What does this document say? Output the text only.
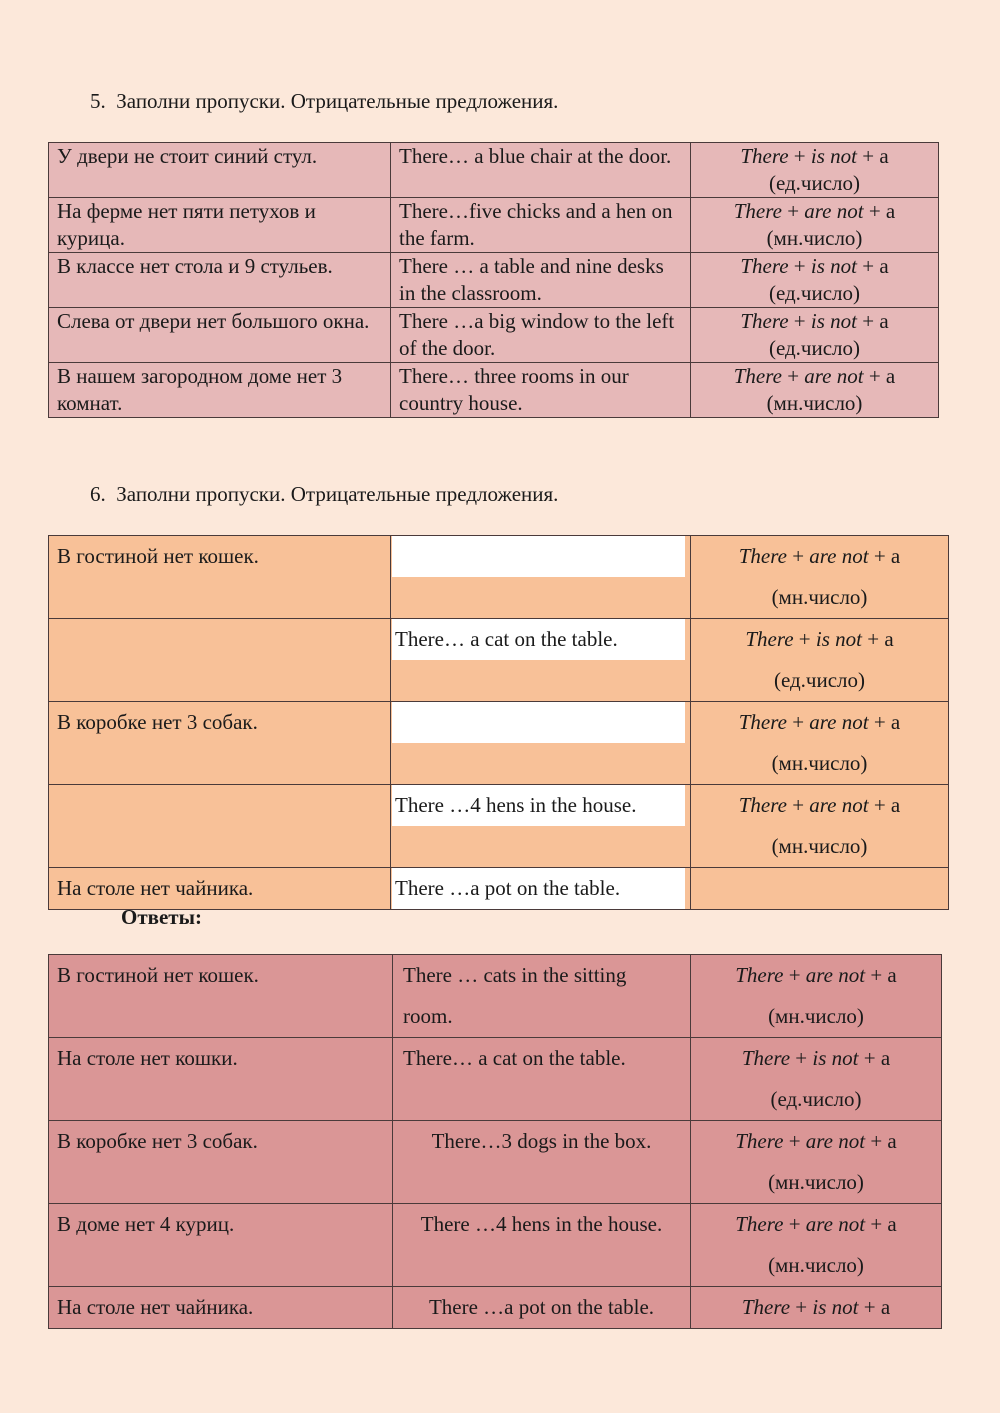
5. Заполни пропуски. Отрицательные предложения.
У двери не стоит синий стул.	There… a blue chair at the door.	There + is not + a
(ед.число)

На ферме нет пяти петухов и курица.	There…five chicks and a hen on the farm.	There + are not + a
(мн.число)

В классе нет стола и 9 стульев.	There … a table and nine desks in the classroom.	There + is not + a
(ед.число)

Слева от двери нет большого окна.	There …a big window to the left of the door.	There + is not + a
(ед.число)

В нашем загородном доме нет 3 комнат.	There… three rooms in our country house.	There + are not + a
(мн.число)
6. Заполни пропуски. Отрицательные предложения.
В гостиной нет кошек.		There + are not + a
(мн.число)

	There… a cat on the table.	There + is not + a
(ед.число)

В коробке нет 3 собак.		There + are not + a
(мн.число)

	There …4 hens in the house.	There + are not + a
(мн.число)

На столе нет чайника.	There …a pot on the table.	

Ответы:
В гостиной нет кошек.	There … cats in the sitting room.	There + are not + a
(мн.число)

На столе нет кошки.	There… a cat on the table.	There + is not + a
(ед.число)

В коробке нет 3 собак.	There…3 dogs in the box.	There + are not + a
(мн.число)

В доме нет 4 куриц.	There …4 hens in the house.	There + are not + a
(мн.число)

На столе нет чайника.	There …a pot on the table.	There + is not + a
